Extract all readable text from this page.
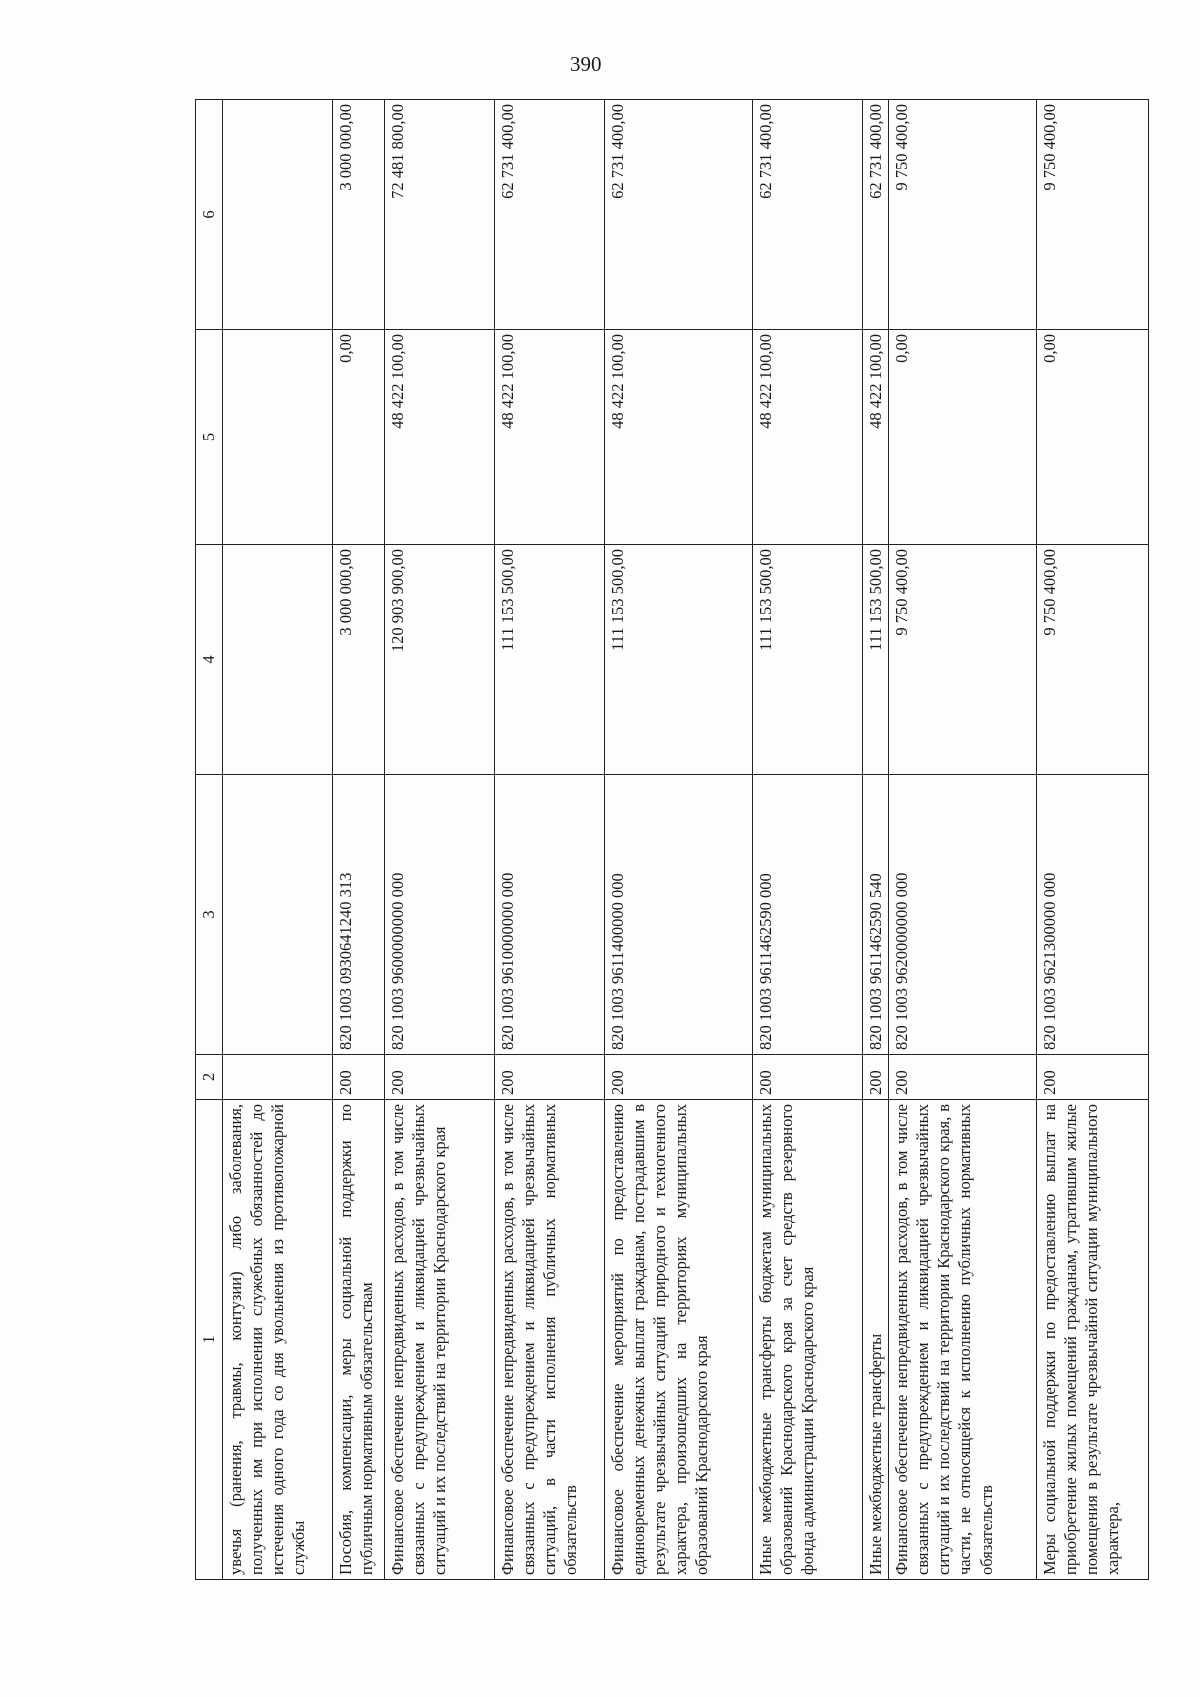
390
1	2	3	4	5	6
увечья (ранения, травмы, контузии) либо заболевания, полученных им при исполнении служебных обязанностей до истечения одного года со дня увольнения из противопожарной службы					
Пособия, компенсации, меры социальной поддержки по публичным нормативным обязательствам	200	820 1003 0930641240 313	3 000 000,00	0,00	3 000 000,00
Финансовое обеспечение непредвиденных расходов, в том числе связанных с предупреждением и ликвидацией чрезвычайных ситуаций и их последствий на территории Краснодарского края	200	820 1003 9600000000 000	120 903 900,00	48 422 100,00	72 481 800,00
Финансовое обеспечение непредвиденных расходов, в том числе связанных с предупреждением и ликвидацией чрезвычайных ситуаций, в части исполнения публичных нормативных обязательств	200	820 1003 9610000000 000	111 153 500,00	48 422 100,00	62 731 400,00
Финансовое обеспечение мероприятий по предоставлению единовременных денежных выплат гражданам, пострадавшим в результате чрезвычайных ситуаций природного и техногенного характера, произошедших на территориях муниципальных образований Краснодарского края	200	820 1003 9611400000 000	111 153 500,00	48 422 100,00	62 731 400,00
Иные межбюджетные трансферты бюджетам муниципальных образований Краснодарского края за счет средств резервного фонда администрации Краснодарского края	200	820 1003 9611462590 000	111 153 500,00	48 422 100,00	62 731 400,00
Иные межбюджетные трансферты	200	820 1003 9611462590 540	111 153 500,00	48 422 100,00	62 731 400,00
Финансовое обеспечение непредвиденных расходов, в том числе связанных с предупреждением и ликвидацией чрезвычайных ситуаций и их последствий на территории Краснодарского края, в части, не относящейся к исполнению публичных нормативных обязательств	200	820 1003 9620000000 000	9 750 400,00	0,00	9 750 400,00
Меры социальной поддержки по предоставлению выплат на приобретение жилых помещений гражданам, утратившим жилые помещения в результате чрезвычайной ситуации муниципального характера,	200	820 1003 9621300000 000	9 750 400,00	0,00	9 750 400,00
